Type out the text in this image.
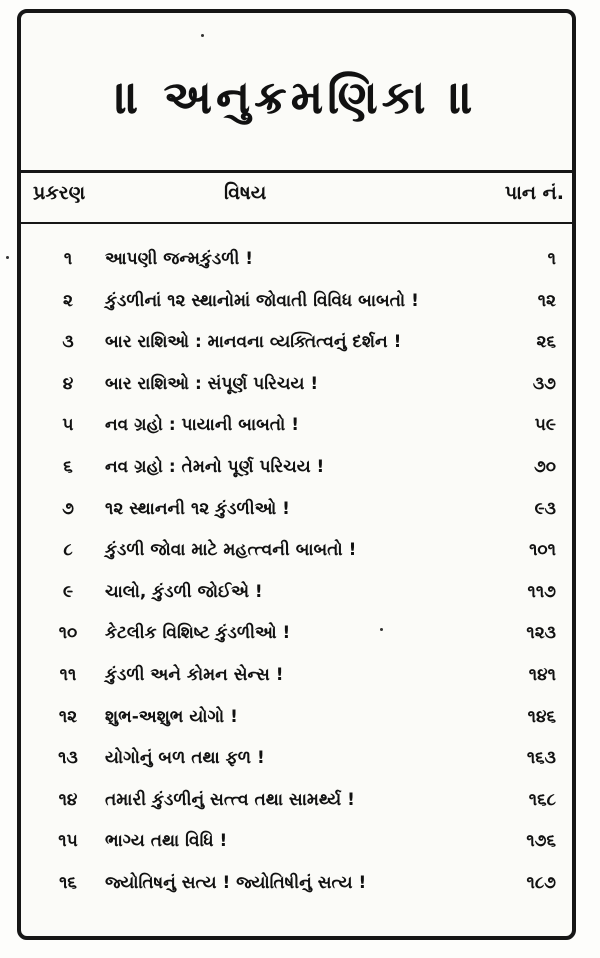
॥ અનુક્રમણિકા ॥
પ્રકરણ	વિષય	પાન નં.
૧	આપણી જન્મકુંડળી !	૧
૨	કુંડળીનાં ૧૨ સ્થાનોમાં જોવાતી વિવિધ બાબતો !	૧૨
૩	બાર રાશિઓ : માનવના વ્યક્તિત્વનું દર્શન !	૨૬
૪	બાર રાશિઓ : સંપૂર્ણ પરિચય !	૩૭
૫	નવ ગ્રહો : પાયાની બાબતો !	૫૯
૬	નવ ગ્રહો : તેમનો પૂર્ણ પરિચય !	૭૦
૭	૧૨ સ્થાનની ૧૨ કુંડળીઓ !	૯૩
૮	કુંડળી જોવા માટે મહત્ત્વની બાબતો !	૧૦૧
૯	ચાલો, કુંડળી જોઈએ !	૧૧૭
૧૦	કેટલીક વિશિષ્ટ કુંડળીઓ !	૧૨૩
૧૧	કુંડળી અને કોમન સેન્સ !	૧૪૧
૧૨	શુભ-અશુભ યોગો !	૧૪૬
૧૩	યોગોનું બળ તથા ફળ !	૧૬૩
૧૪	તમારી કુંડળીનું સત્ત્વ તથા સામર્થ્ય !	૧૬૮
૧૫	ભાગ્ય તથા વિધિ !	૧૭૬
૧૬	જ્યોતિષનું સત્ય ! જ્યોતિષીનું સત્ય !	૧૮૭
